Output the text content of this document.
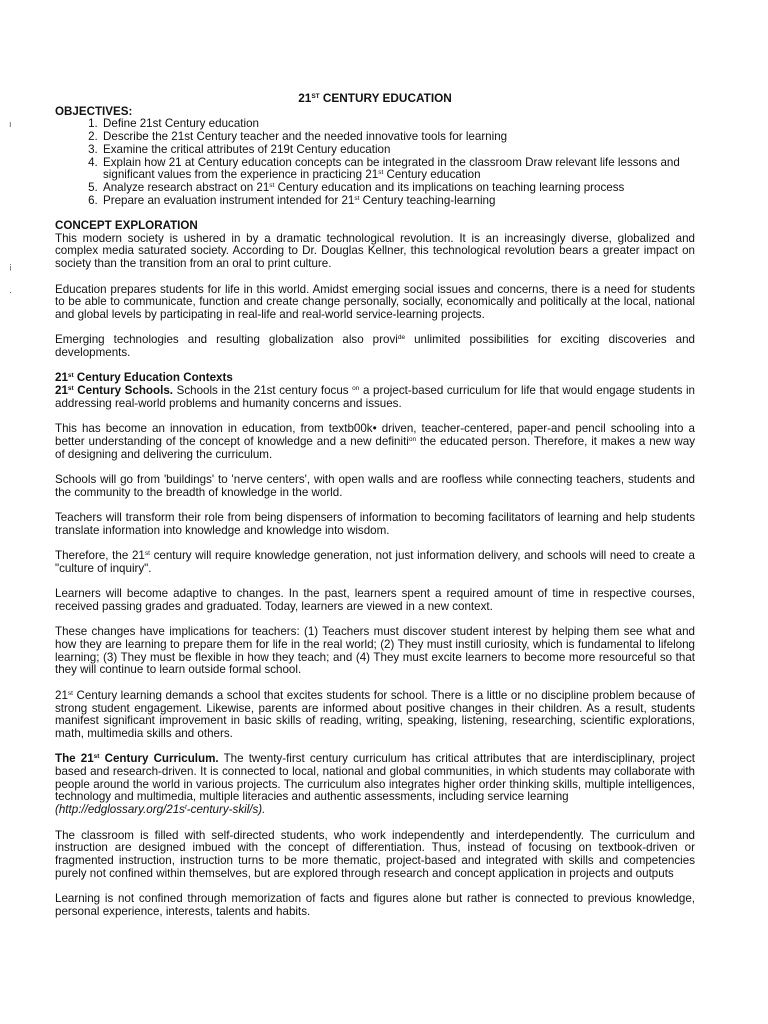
ı
¡
·
21ST CENTURY EDUCATION
OBJECTIVES:
1. Define 21st Century education
2. Describe the 21st Century teacher and the needed innovative tools for learning
3. Examine the critical attributes of 219t Century education
4. Explain how 21 at Century education concepts can be integrated in the classroom Draw relevant life lessons and significant values from the experience in practicing 21st Century education
5. Analyze research abstract on 21st Century education and its implications on teaching learning process
6. Prepare an evaluation instrument intended for 21st Century teaching-learning
CONCEPT EXPLORATION

This modern society is ushered in by a dramatic technological revolution. It is an increasingly diverse, globalized and complex media saturated society. According to Dr. Douglas Kellner, this technological revolution bears a greater impact on society than the transition from an oral to print culture.

Education prepares students for life in this world. Amidst emerging social issues and concerns, there is a need for students to be able to communicate, function and create change personally, socially, economically and politically at the local, national and global levels by participating in real-life and real-world service-learning projects.

Emerging technologies and resulting globalization also provi$^{de}$ unlimited possibilities for exciting discoveries and developments.

21st Century Education Contexts

21st Century Schools. Schools in the 21st century focus $^{on}$ a project-based curriculum for life that would engage students in addressing real-world problems and humanity concerns and issues.

This has become an innovation in education, from textb00k• driven, teacher-centered, paper-and pencil schooling into a better understanding of the concept of knowledge and a new definiti$^{on}$ the educated person. Therefore, it makes a new way of designing and delivering the curriculum.

Schools will go from 'buildings' to 'nerve centers', with open walls and are roofless while connecting teachers, students and the community to the breadth of knowledge in the world.

Teachers will transform their role from being dispensers of information to becoming facilitators of learning and help students translate information into knowledge and knowledge into wisdom.

Therefore, the 21st century will require knowledge generation, not just information delivery, and schools will need to create a "culture of inquiry".

Learners will become adaptive to changes. In the past, learners spent a required amount of time in respective courses, received passing grades and graduated. Today, learners are viewed in a new context.

These changes have implications for teachers: (1) Teachers must discover student interest by helping them see what and how they are learning to prepare them for life in the real world; (2) They must instill curiosity, which is fundamental to lifelong learning; (3) They must be flexible in how they teach; and (4) They must excite learners to become more resourceful so that they will continue to learn outside formal school.

21st Century learning demands a school that excites students for school. There is a little or no discipline problem because of strong student engagement. Likewise, parents are informed about positive changes in their children. As a result, students manifest significant improvement in basic skills of reading, writing, speaking, listening, researching, scientific explorations, math, multimedia skills and others.

The 21st Century Curriculum. The twenty-first century curriculum has critical attributes that are interdisciplinary, project based and research-driven. It is connected to local, national and global communities, in which students may collaborate with people around the world in various projects. The curriculum also integrates higher order thinking skills, multiple intelligences, technology and multimedia, multiple literacies and authentic assessments, including service learning
$(http://edglossary.org/21s^t-century-skil/s)$.

The classroom is filled with self-directed students, who work independently and interdependently. The curriculum and instruction are designed imbued with the concept of differentiation. Thus, instead of focusing on textbook-driven or fragmented instruction, instruction turns to be more thematic, project-based and integrated with skills and competencies purely not confined within themselves, but are explored through research and concept application in projects and outputs

Learning is not confined through memorization of facts and figures alone but rather is connected to previous knowledge, personal experience, interests, talents and habits.
